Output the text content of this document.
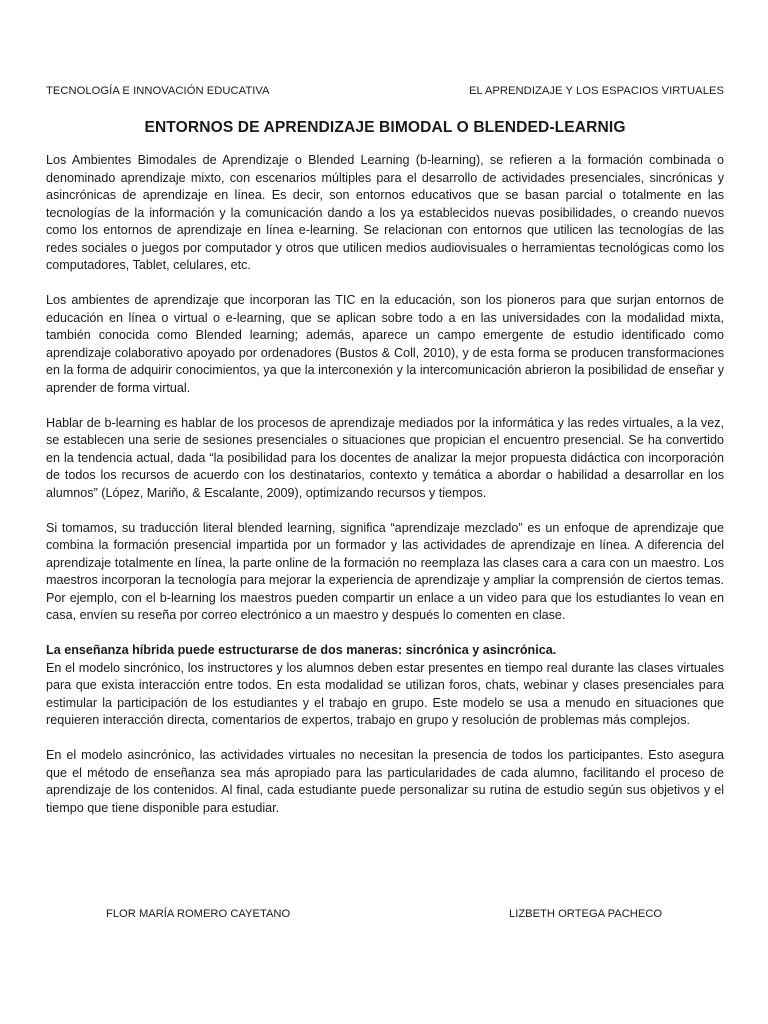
TECNOLOGÍA E INNOVACIÓN EDUCATIVA	EL APRENDIZAJE Y LOS ESPACIOS VIRTUALES
ENTORNOS DE APRENDIZAJE BIMODAL O BLENDED-LEARNIG

Los Ambientes Bimodales de Aprendizaje o Blended Learning (b-learning), se refieren a la formación combinada o denominado aprendizaje mixto, con escenarios múltiples para el desarrollo de actividades presenciales, sincrónicas y asincrónicas de aprendizaje en línea. Es decir, son entornos educativos que se basan parcial o totalmente en las tecnologías de la información y la comunicación dando a los ya establecidos nuevas posibilidades, o creando nuevos como los entornos de aprendizaje en línea e-learning. Se relacionan con entornos que utilicen las tecnologías de las redes sociales o juegos por computador y otros que utilicen medios audiovisuales o herramientas tecnológicas como los computadores, Tablet, celulares, etc.

Los ambientes de aprendizaje que incorporan las TIC en la educación, son los pioneros para que surjan entornos de educación en línea o virtual o e-learning, que se aplican sobre todo a en las universidades con la modalidad mixta, también conocida como Blended learning; además, aparece un campo emergente de estudio identificado como aprendizaje colaborativo apoyado por ordenadores (Bustos & Coll, 2010), y de esta forma se producen transformaciones en la forma de adquirir conocimientos, ya que la interconexión y la intercomunicación abrieron la posibilidad de enseñar y aprender de forma virtual.

Hablar de b-learning es hablar de los procesos de aprendizaje mediados por la informática y las redes virtuales, a la vez, se establecen una serie de sesiones presenciales o situaciones que propician el encuentro presencial. Se ha convertido en la tendencia actual, dada “la posibilidad para los docentes de analizar la mejor propuesta didáctica con incorporación de todos los recursos de acuerdo con los destinatarios, contexto y temática a abordar o habilidad a desarrollar en los alumnos” (López, Mariño, & Escalante, 2009), optimizando recursos y tiempos.

Si tomamos, su traducción literal blended learning, significa “aprendizaje mezclado” es un enfoque de aprendizaje que combina la formación presencial impartida por un formador y las actividades de aprendizaje en línea. A diferencia del aprendizaje totalmente en línea, la parte online de la formación no reemplaza las clases cara a cara con un maestro. Los maestros incorporan la tecnología para mejorar la experiencia de aprendizaje y ampliar la comprensión de ciertos temas. Por ejemplo, con el b-learning los maestros pueden compartir un enlace a un video para que los estudiantes lo vean en casa, envíen su reseña por correo electrónico a un maestro y después lo comenten en clase.

La enseñanza híbrida puede estructurarse de dos maneras: sincrónica y asincrónica.
En el modelo sincrónico, los instructores y los alumnos deben estar presentes en tiempo real durante las clases virtuales para que exista interacción entre todos. En esta modalidad se utilizan foros, chats, webinar y clases presenciales para estimular la participación de los estudiantes y el trabajo en grupo. Este modelo se usa a menudo en situaciones que requieren interacción directa, comentarios de expertos, trabajo en grupo y resolución de problemas más complejos.

En el modelo asincrónico, las actividades virtuales no necesitan la presencia de todos los participantes. Esto asegura que el método de enseñanza sea más apropiado para las particularidades de cada alumno, facilitando el proceso de aprendizaje de los contenidos. Al final, cada estudiante puede personalizar su rutina de estudio según sus objetivos y el tiempo que tiene disponible para estudiar.

FLOR MARÍA ROMERO CAYETANO	LIZBETH ORTEGA PACHECO
